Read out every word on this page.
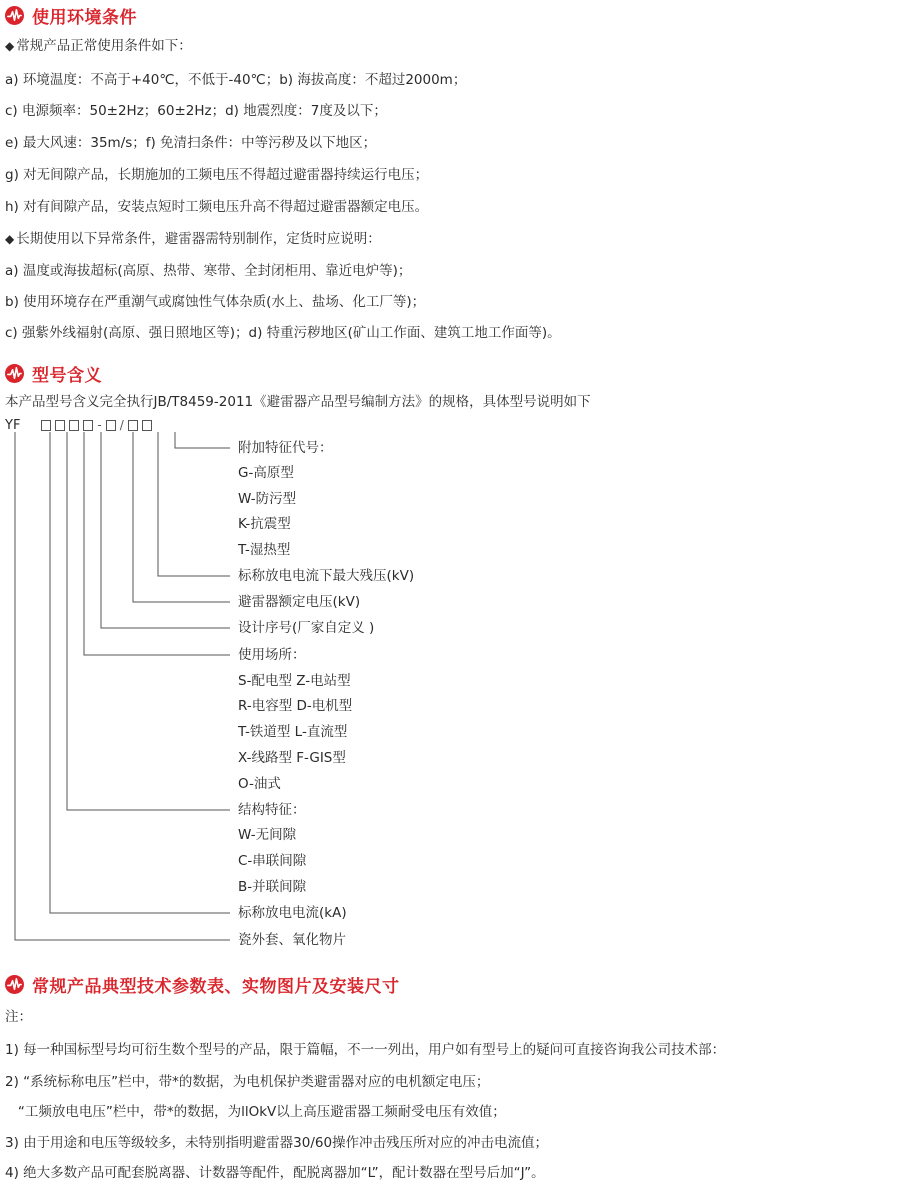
使用环境条件
◆ 常规产品正常使用条件如下：
a) 环境温度：不高于+40℃，不低于-40℃；b) 海拔高度：不超过2000m；
c) 电源频率：50±2Hz；60±2Hz；d) 地震烈度：7度及以下；
e) 最大风速：35m/s；f) 免清扫条件：中等污秽及以下地区；
g) 对无间隙产品，长期施加的工频电压不得超过避雷器持续运行电压；
h) 对有间隙产品，安装点短时工频电压升高不得超过避雷器额定电压。
◆ 长期使用以下异常条件，避雷器需特别制作，定货时应说明：
a) 温度或海拔超标(高原、热带、寒带、全封闭柜用、靠近电炉等)；
b) 使用环境存在严重潮气或腐蚀性气体杂质(水上、盐场、化工厂等)；
c) 强紫外线福射(高原、强日照地区等)；d) 特重污秽地区(矿山工作面、建筑工地工作面等)。
型号含义
本产品型号含义完全执行JB/T8459-2011《避雷器产品型号编制方法》的规格，具体型号说明如下
YF	- /
附加特征代号：
G-高原型
W-防污型
K-抗震型
T-湿热型
标称放电电流下最大残压(kV)
避雷器额定电压(kV)
设计序号(厂家自定义 )
使用场所：
S-配电型 Z-电站型
R-电容型 D-电机型
T-铁道型 L-直流型
X-线路型 F-GIS型
O-油式
结构特征：
W-无间隙
C-串联间隙
B-并联间隙
标称放电电流(kA)
瓷外套、氧化物片
常规产品典型技术参数表、实物图片及安装尺寸
注：
1) 每一种国标型号均可衍生数个型号的产品，限于篇幅，不一一列出，用户如有型号上的疑问可直接咨询我公司技术部：
2) “系统标称电压”栏中，带*的数据，为电机保护类避雷器对应的电机额定电压；
“工频放电电压”栏中，带*的数据，为llOkV以上高压避雷器工频耐受电压有效值；
3) 由于用途和电压等级较多，未特别指明避雷器30/60操作冲击残压所对应的冲击电流值；
4) 绝大多数产品可配套脱离器、计数器等配件，配脱离器加“L”，配计数器在型号后加“J”。
